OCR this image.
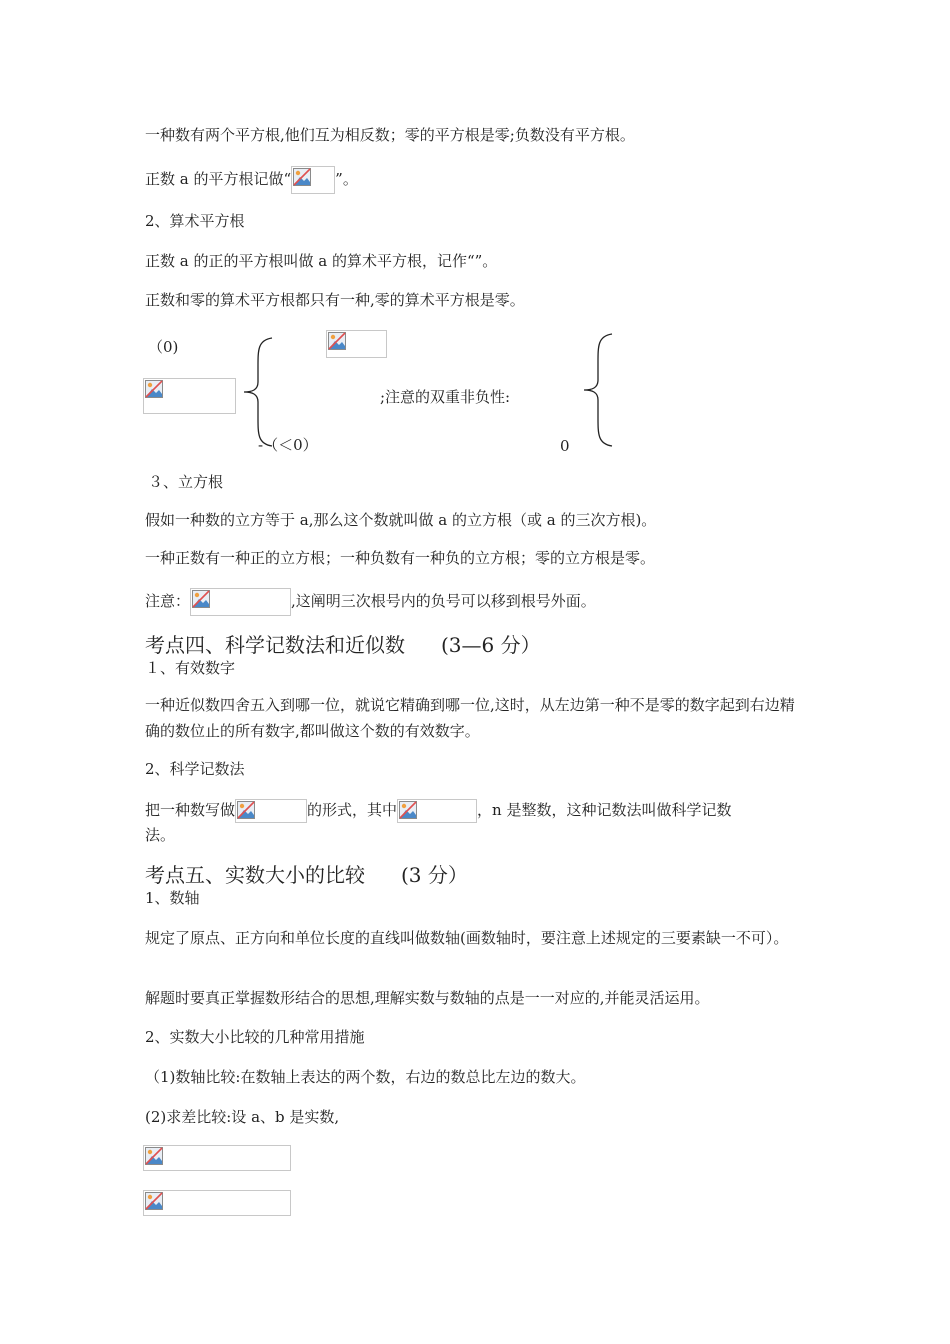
一种数有两个平方根,他们互为相反数；零的平方根是零;负数没有平方根。
正数 a 的平方根记做“	”。
2、算术平方根
正数 a 的正的平方根叫做 a 的算术平方根，记作“”。
正数和零的算术平方根都只有一种,零的算术平方根是零。
（0)
;注意的双重非负性:
-（＜0）	0
３、立方根
假如一种数的立方等于 a,那么这个数就叫做 a 的立方根（或 a 的三次方根)。
一种正数有一种正的立方根；一种负数有一种负的立方根；零的立方根是零。
注意：	,这阐明三次根号内的负号可以移到根号外面。
考点四、科学记数法和近似数 (3—6 分）
１、有效数字
一种近似数四舍五入到哪一位，就说它精确到哪一位,这时，从左边第一种不是零的数字起到右边精确的数位止的所有数字,都叫做这个数的有效数字。
2、科学记数法
把一种数写做	的形式，其中	，n 是整数，这种记数法叫做科学记数
法。
考点五、实数大小的比较 (3 分）
1、数轴
规定了原点、正方向和单位长度的直线叫做数轴(画数轴时，要注意上述规定的三要素缺一不可）。
解题时要真正掌握数形结合的思想,理解实数与数轴的点是一一对应的,并能灵活运用。
2、实数大小比较的几种常用措施
（1)数轴比较:在数轴上表达的两个数，右边的数总比左边的数大。
(2)求差比较:设 a、b 是实数,
